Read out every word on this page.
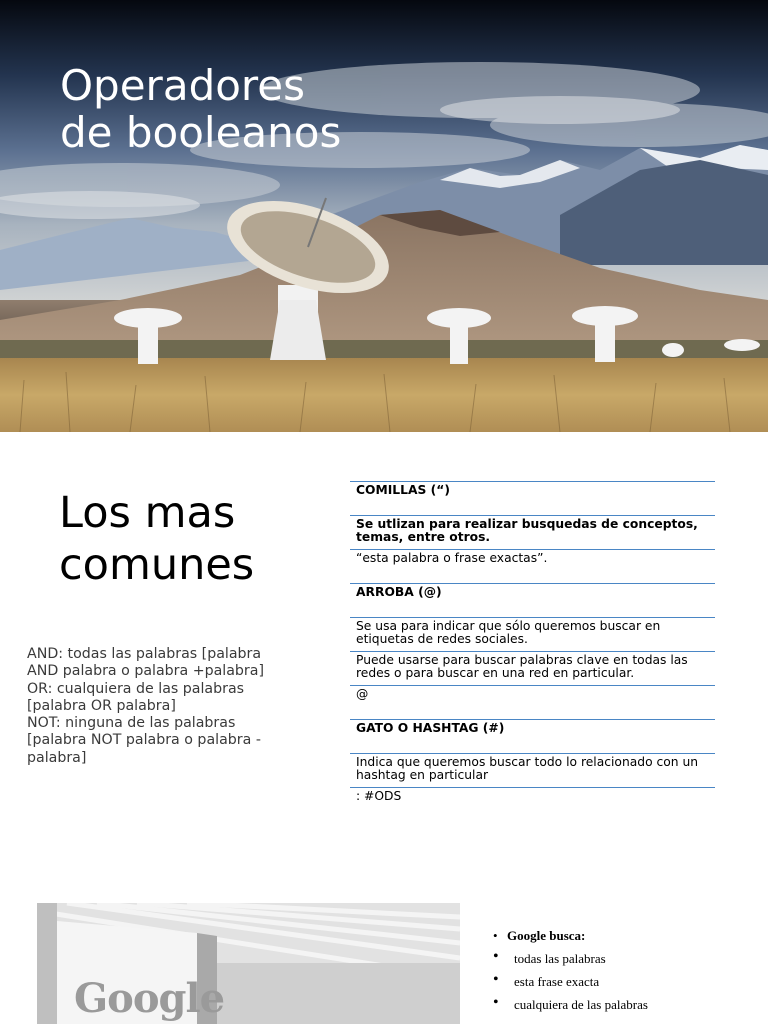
Operadores
de booleanos
Los mas
comunes
AND: todas las palabras [palabra AND palabra o palabra +palabra]
OR: cualquiera de las palabras [palabra OR palabra]
NOT: ninguna de las palabras [palabra NOT palabra o palabra -palabra]
COMILLAS (“)
Se utlizan para realizar busquedas de conceptos, temas, entre otros.
“esta palabra o frase exactas”.
ARROBA (@)
Se usa para indicar que sólo queremos buscar en etiquetas de redes sociales.
Puede usarse para buscar palabras clave en todas las redes o para buscar en una red en particular.
@
GATO O HASHTAG (#)
Indica que queremos buscar todo lo relacionado con un hashtag en particular
: #ODS
Google
• Google busca:
• todas las palabras
• esta frase exacta
• cualquiera de las palabras
